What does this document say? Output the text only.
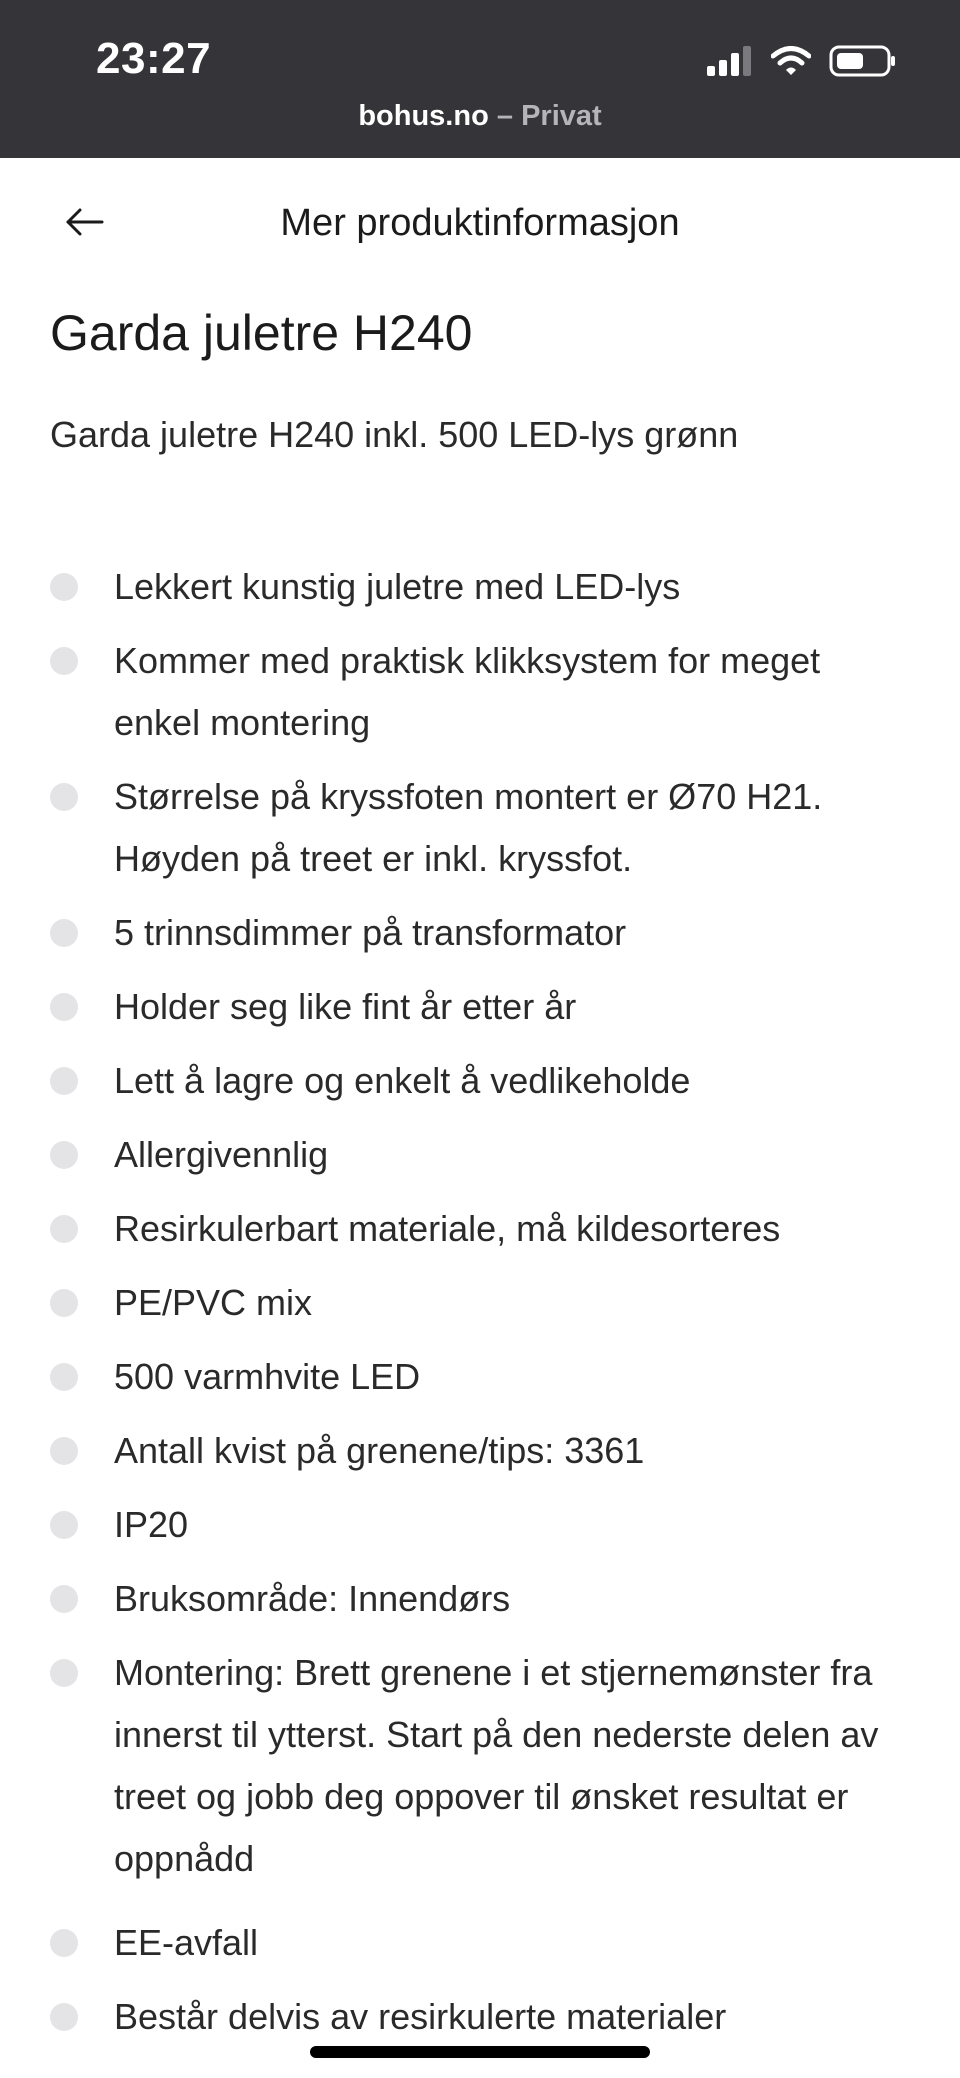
23:27
bohus.no – Privat
Mer produktinformasjon
Garda juletre H240

Garda juletre H240 inkl. 500 LED-lys grønn

Lekkert kunstig juletre med LED-lys
Kommer med praktisk klikksystem for meget enkel montering
Størrelse på kryssfoten montert er Ø70 H21. Høyden på treet er inkl. kryssfot.
5 trinnsdimmer på transformator
Holder seg like fint år etter år
Lett å lagre og enkelt å vedlikeholde
Allergivennlig
Resirkulerbart materiale, må kildesorteres
PE/PVC mix
500 varmhvite LED
Antall kvist på grenene/tips: 3361
IP20
Bruksområde: Innendørs
Montering: Brett grenene i et stjernemønster fra innerst til ytterst. Start på den nederste delen av treet og jobb deg oppover til ønsket resultat er oppnådd
EE-avfall
Består delvis av resirkulerte materialer
